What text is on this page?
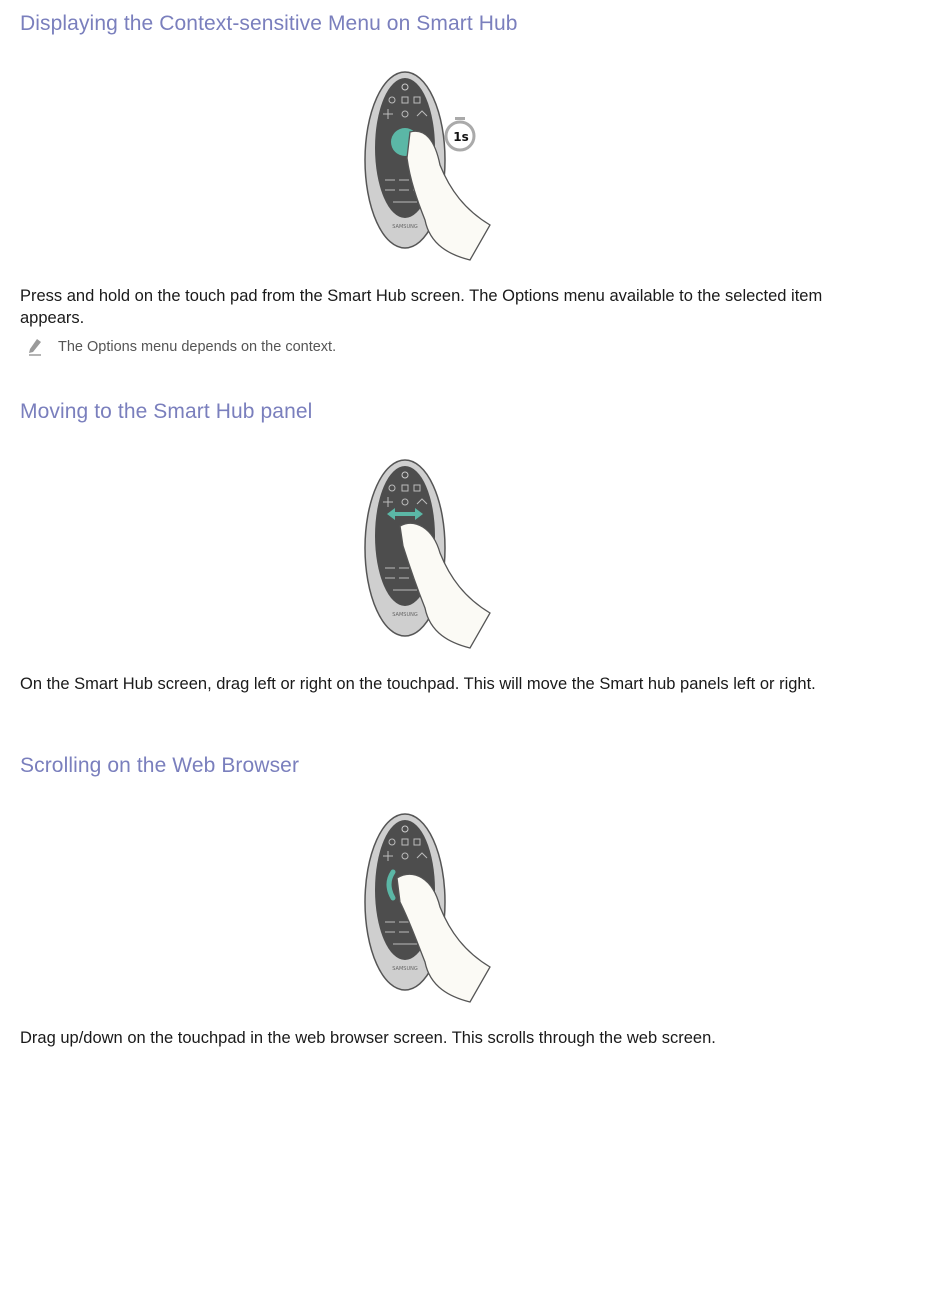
Displaying the Context-sensitive Menu on Smart Hub
SAMSUNG
1s

Press and hold on the touch pad from the Smart Hub screen. The Options menu available to the selected item appears.

The Options menu depends on the context.
Moving to the Smart Hub panel
SAMSUNG

On the Smart Hub screen, drag left or right on the touchpad. This will move the Smart hub panels left or right.

Scrolling on the Web Browser
SAMSUNG

Drag up/down on the touchpad in the web browser screen. This scrolls through the web screen.
